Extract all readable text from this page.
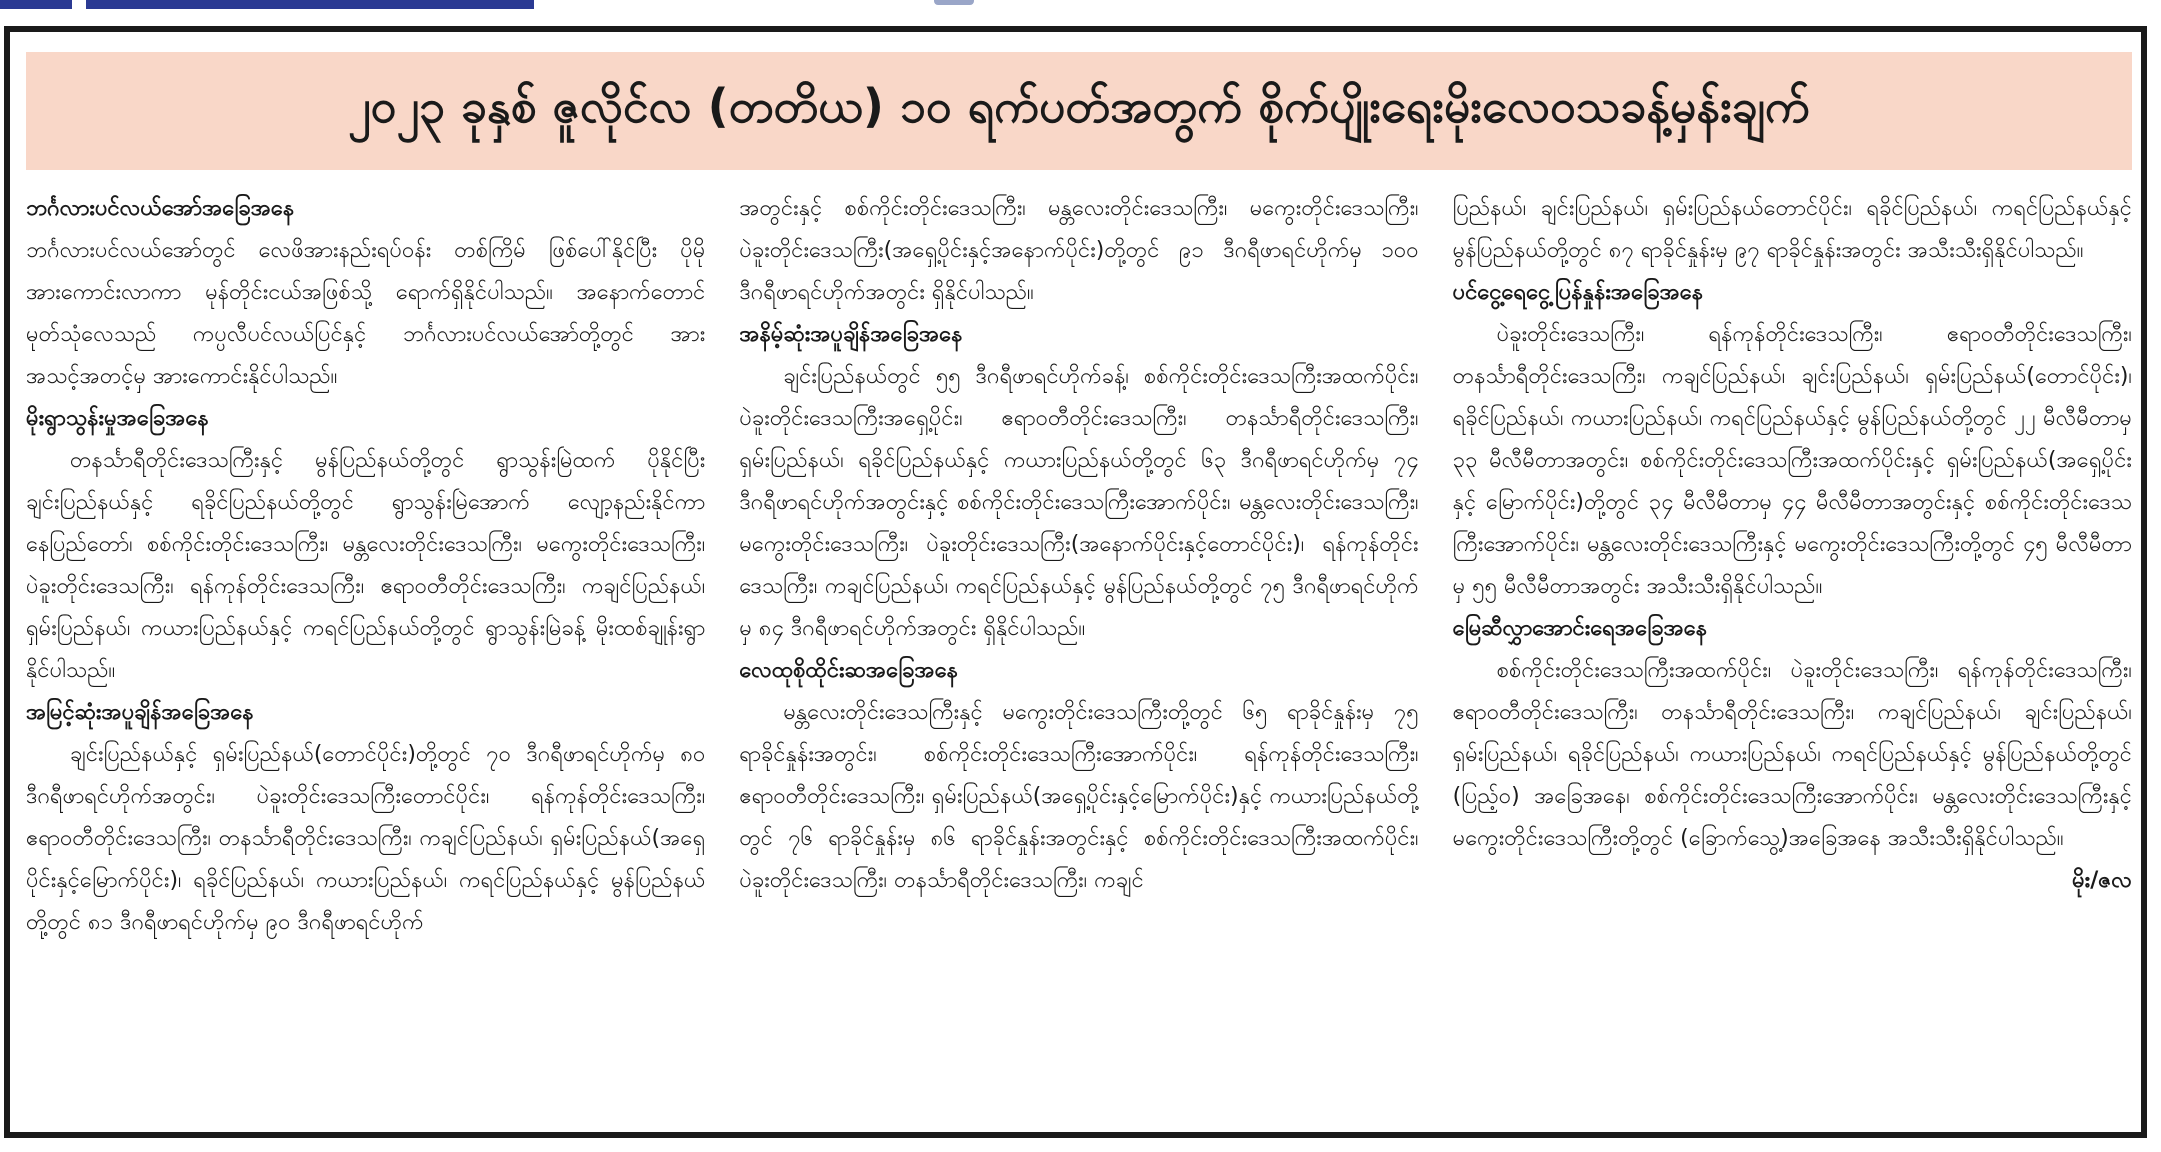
၂၀၂၃ ခုနှစ် ဇူလိုင်လ (တတိယ) ၁၀ ရက်ပတ်အတွက် စိုက်ပျိုးရေးမိုးလေဝသခန့်မှန်းချက်

ဘင်္ဂလားပင်လယ်အော်အခြေအနေ

ဘင်္ဂလားပင်လယ်အော်တွင် လေဖိအားနည်းရပ်ဝန်း တစ်ကြိမ် ဖြစ်ပေါ်နိုင်ပြီး ပိုမိုအားကောင်းလာကာ မုန်တိုင်းငယ်အဖြစ်သို့ ရောက်ရှိနိုင်ပါသည်။ အနောက်တောင်မုတ်သုံလေသည် ကပ္ပလီပင်လယ်ပြင်နှင့် ဘင်္ဂလားပင်လယ်အော်တို့တွင် အားအသင့်အတင့်မှ အားကောင်းနိုင်ပါသည်။

မိုးရွာသွန်းမှုအခြေအနေ

တနင်္သာရီတိုင်းဒေသကြီးနှင့် မွန်ပြည်နယ်တို့တွင် ရွာသွန်းမြဲထက် ပိုနိုင်ပြီး ချင်းပြည်နယ်နှင့် ရခိုင်ပြည်နယ်တို့တွင် ရွာသွန်းမြဲအောက် လျော့နည်းနိုင်ကာ နေပြည်တော်၊ စစ်ကိုင်းတိုင်းဒေသကြီး၊ မန္တလေးတိုင်းဒေသကြီး၊ မကွေးတိုင်းဒေသကြီး၊ ပဲခူးတိုင်းဒေသကြီး၊ ရန်ကုန်တိုင်းဒေသကြီး၊ ဧရာဝတီတိုင်းဒေသကြီး၊ ကချင်ပြည်နယ်၊ ရှမ်းပြည်နယ်၊ ကယားပြည်နယ်နှင့် ကရင်ပြည်နယ်တို့တွင် ရွာသွန်းမြဲခန့် မိုးထစ်ချုန်းရွာနိုင်ပါသည်။

အမြင့်ဆုံးအပူချိန်အခြေအနေ

ချင်းပြည်နယ်နှင့် ရှမ်းပြည်နယ်(တောင်ပိုင်း)တို့တွင် ၇၀ ဒီဂရီဖာရင်ဟိုက်မှ ၈၀ ဒီဂရီဖာရင်ဟိုက်အတွင်း၊ ပဲခူးတိုင်းဒေသကြီးတောင်ပိုင်း၊ ရန်ကုန်တိုင်းဒေသကြီး၊ ဧရာဝတီတိုင်းဒေသကြီး၊ တနင်္သာရီတိုင်းဒေသကြီး၊ ကချင်ပြည်နယ်၊ ရှမ်းပြည်နယ်(အရှေ့ပိုင်းနှင့်မြောက်ပိုင်း)၊ ရခိုင်ပြည်နယ်၊ ကယားပြည်နယ်၊ ကရင်ပြည်နယ်နှင့် မွန်ပြည်နယ်တို့တွင် ၈၁ ဒီဂရီဖာရင်ဟိုက်မှ ၉၀ ဒီဂရီဖာရင်ဟိုက်

အတွင်းနှင့် စစ်ကိုင်းတိုင်းဒေသကြီး၊ မန္တလေးတိုင်းဒေသကြီး၊ မကွေးတိုင်းဒေသကြီး၊ ပဲခူးတိုင်းဒေသကြီး(အရှေ့ပိုင်းနှင့်အနောက်ပိုင်း)တို့တွင် ၉၁ ဒီဂရီဖာရင်ဟိုက်မှ ၁၀၀ ဒီဂရီဖာရင်ဟိုက်အတွင်း ရှိနိုင်ပါသည်။

အနိမ့်ဆုံးအပူချိန်အခြေအနေ

ချင်းပြည်နယ်တွင် ၅၅ ဒီဂရီဖာရင်ဟိုက်ခန့်၊ စစ်ကိုင်းတိုင်းဒေသကြီးအထက်ပိုင်း၊ ပဲခူးတိုင်းဒေသကြီးအရှေ့ပိုင်း၊ ဧရာဝတီတိုင်းဒေသကြီး၊ တနင်္သာရီတိုင်းဒေသကြီး၊ ရှမ်းပြည်နယ်၊ ရခိုင်ပြည်နယ်နှင့် ကယားပြည်နယ်တို့တွင် ၆၃ ဒီဂရီဖာရင်ဟိုက်မှ ၇၄ ဒီဂရီဖာရင်ဟိုက်အတွင်းနှင့် စစ်ကိုင်းတိုင်းဒေသကြီးအောက်ပိုင်း၊ မန္တလေးတိုင်းဒေသကြီး၊ မကွေးတိုင်းဒေသကြီး၊ ပဲခူးတိုင်းဒေသကြီး(အနောက်ပိုင်းနှင့်တောင်ပိုင်း)၊ ရန်ကုန်တိုင်းဒေသကြီး၊ ကချင်ပြည်နယ်၊ ကရင်ပြည်နယ်နှင့် မွန်ပြည်နယ်တို့တွင် ၇၅ ဒီဂရီဖာရင်ဟိုက်မှ ၈၄ ဒီဂရီဖာရင်ဟိုက်အတွင်း ရှိနိုင်ပါသည်။

လေထုစိုထိုင်းဆအခြေအနေ

မန္တလေးတိုင်းဒေသကြီးနှင့် မကွေးတိုင်းဒေသကြီးတို့တွင် ၆၅ ရာခိုင်နှုန်းမှ ၇၅ ရာခိုင်နှုန်းအတွင်း၊ စစ်ကိုင်းတိုင်းဒေသကြီးအောက်ပိုင်း၊ ရန်ကုန်တိုင်းဒေသကြီး၊ ဧရာဝတီတိုင်းဒေသကြီး၊ ရှမ်းပြည်နယ်(အရှေ့ပိုင်းနှင့်မြောက်ပိုင်း)နှင့် ကယားပြည်နယ်တို့တွင် ၇၆ ရာခိုင်နှုန်းမှ ၈၆ ရာခိုင်နှုန်းအတွင်းနှင့် စစ်ကိုင်းတိုင်းဒေသကြီးအထက်ပိုင်း၊ ပဲခူးတိုင်းဒေသကြီး၊ တနင်္သာရီတိုင်းဒေသကြီး၊ ကချင်

ပြည်နယ်၊ ချင်းပြည်နယ်၊ ရှမ်းပြည်နယ်တောင်ပိုင်း၊ ရခိုင်ပြည်နယ်၊ ကရင်ပြည်နယ်နှင့် မွန်ပြည်နယ်တို့တွင် ၈၇ ရာခိုင်နှုန်းမှ ၉၇ ရာခိုင်နှုန်းအတွင်း အသီးသီးရှိနိုင်ပါသည်။

ပင်ငွေ့ရေငွေ့ပြန်နှုန်းအခြေအနေ

ပဲခူးတိုင်းဒေသကြီး၊ ရန်ကုန်တိုင်းဒေသကြီး၊ ဧရာဝတီတိုင်းဒေသကြီး၊ တနင်္သာရီတိုင်းဒေသကြီး၊ ကချင်ပြည်နယ်၊ ချင်းပြည်နယ်၊ ရှမ်းပြည်နယ်(တောင်ပိုင်း)၊ ရခိုင်ပြည်နယ်၊ ကယားပြည်နယ်၊ ကရင်ပြည်နယ်နှင့် မွန်ပြည်နယ်တို့တွင် ၂၂ မီလီမီတာမှ ၃၃ မီလီမီတာအတွင်း၊ စစ်ကိုင်းတိုင်းဒေသကြီးအထက်ပိုင်းနှင့် ရှမ်းပြည်နယ်(အရှေ့ပိုင်းနှင့် မြောက်ပိုင်း)တို့တွင် ၃၄ မီလီမီတာမှ ၄၄ မီလီမီတာအတွင်းနှင့် စစ်ကိုင်းတိုင်းဒေသကြီးအောက်ပိုင်း၊ မန္တလေးတိုင်းဒေသကြီးနှင့် မကွေးတိုင်းဒေသကြီးတို့တွင် ၄၅ မီလီမီတာမှ ၅၅ မီလီမီတာအတွင်း အသီးသီးရှိနိုင်ပါသည်။

မြေဆီလွှာအောင်းရေအခြေအနေ

စစ်ကိုင်းတိုင်းဒေသကြီးအထက်ပိုင်း၊ ပဲခူးတိုင်းဒေသကြီး၊ ရန်ကုန်တိုင်းဒေသကြီး၊ ဧရာဝတီတိုင်းဒေသကြီး၊ တနင်္သာရီတိုင်းဒေသကြီး၊ ကချင်ပြည်နယ်၊ ချင်းပြည်နယ်၊ ရှမ်းပြည်နယ်၊ ရခိုင်ပြည်နယ်၊ ကယားပြည်နယ်၊ ကရင်ပြည်နယ်နှင့် မွန်ပြည်နယ်တို့တွင် (ပြည့်ဝ) အခြေအနေ၊ စစ်ကိုင်းတိုင်းဒေသကြီးအောက်ပိုင်း၊ မန္တလေးတိုင်းဒေသကြီးနှင့် မကွေးတိုင်းဒေသကြီးတို့တွင် (ခြောက်သွေ့)အခြေအနေ အသီးသီးရှိနိုင်ပါသည်။

မိုး/ဇလ
